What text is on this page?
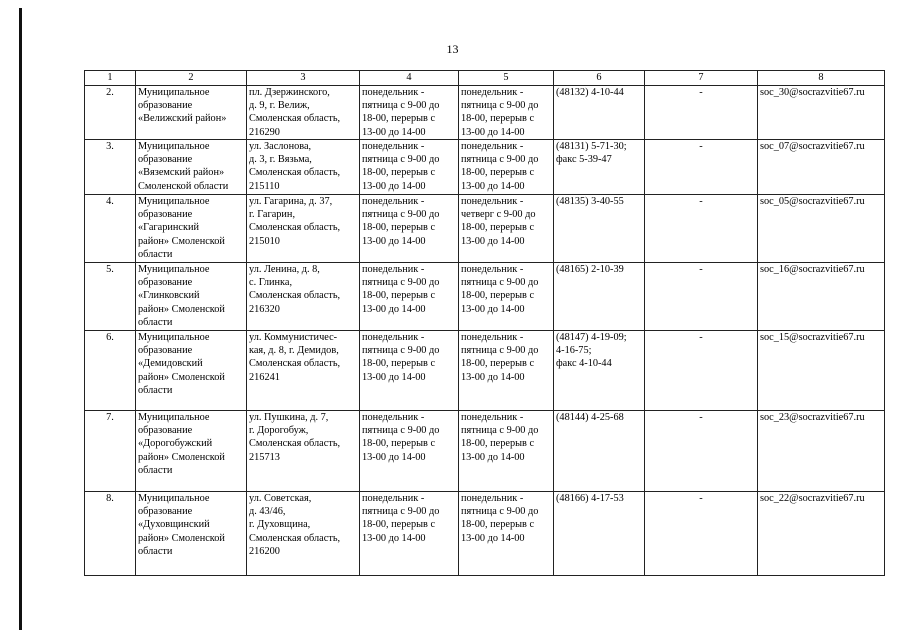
13
1	2	3	4	5	6	7	8
2.	Муниципальное
образование
«Велижский район»	пл. Дзержинского,
д. 9, г. Велиж,
Смоленская область,
216290	понедельник -
пятница с 9-00 до
18-00, перерыв с
13-00 до 14-00	понедельник -
пятница с 9-00 до
18-00, перерыв с
13-00 до 14-00	(48132) 4-10-44	-	soc_30@socrazvitie67.ru
3.	Муниципальное
образование
«Вяземский район»
Смоленской области	ул. Заслонова,
д. 3, г. Вязьма,
Смоленская область,
215110	понедельник -
пятница с 9-00 до
18-00, перерыв с
13-00 до 14-00	понедельник -
пятница с 9-00 до
18-00, перерыв с
13-00 до 14-00	(48131) 5-71-30;
факс 5-39-47	-	soc_07@socrazvitie67.ru
4.	Муниципальное
образование
«Гагаринский
район» Смоленской
области	ул. Гагарина, д. 37,
г. Гагарин,
Смоленская область,
215010	понедельник -
пятница с 9-00 до
18-00, перерыв с
13-00 до 14-00	понедельник -
четверг с 9-00 до
18-00, перерыв с
13-00 до 14-00	(48135) 3-40-55	-	soc_05@socrazvitie67.ru
5.	Муниципальное
образование
«Глинковский
район» Смоленской
области	ул. Ленина, д. 8,
с. Глинка,
Смоленская область,
216320	понедельник -
пятница с 9-00 до
18-00, перерыв с
13-00 до 14-00	понедельник -
пятница с 9-00 до
18-00, перерыв с
13-00 до 14-00	(48165) 2-10-39	-	soc_16@socrazvitie67.ru
6.	Муниципальное
образование
«Демидовский
район» Смоленской
области	ул. Коммунистичес-
кая, д. 8, г. Демидов,
Смоленская область,
216241	понедельник -
пятница с 9-00 до
18-00, перерыв с
13-00 до 14-00	понедельник -
пятница с 9-00 до
18-00, перерыв с
13-00 до 14-00	(48147) 4-19-09;
4-16-75;
факс 4-10-44	-	soc_15@socrazvitie67.ru
7.	Муниципальное
образование
«Дорогобужский
район» Смоленской
области	ул. Пушкина, д. 7,
г. Дорогобуж,
Смоленская область,
215713	понедельник -
пятница с 9-00 до
18-00, перерыв с
13-00 до 14-00	понедельник -
пятница с 9-00 до
18-00, перерыв с
13-00 до 14-00	(48144) 4-25-68	-	soc_23@socrazvitie67.ru
8.	Муниципальное
образование
«Духовщинский
район» Смоленской
области	ул. Советская,
д. 43/46,
г. Духовщина,
Смоленская область,
216200	понедельник -
пятница с 9-00 до
18-00, перерыв с
13-00 до 14-00	понедельник -
пятница с 9-00 до
18-00, перерыв с
13-00 до 14-00	(48166) 4-17-53	-	soc_22@socrazvitie67.ru
